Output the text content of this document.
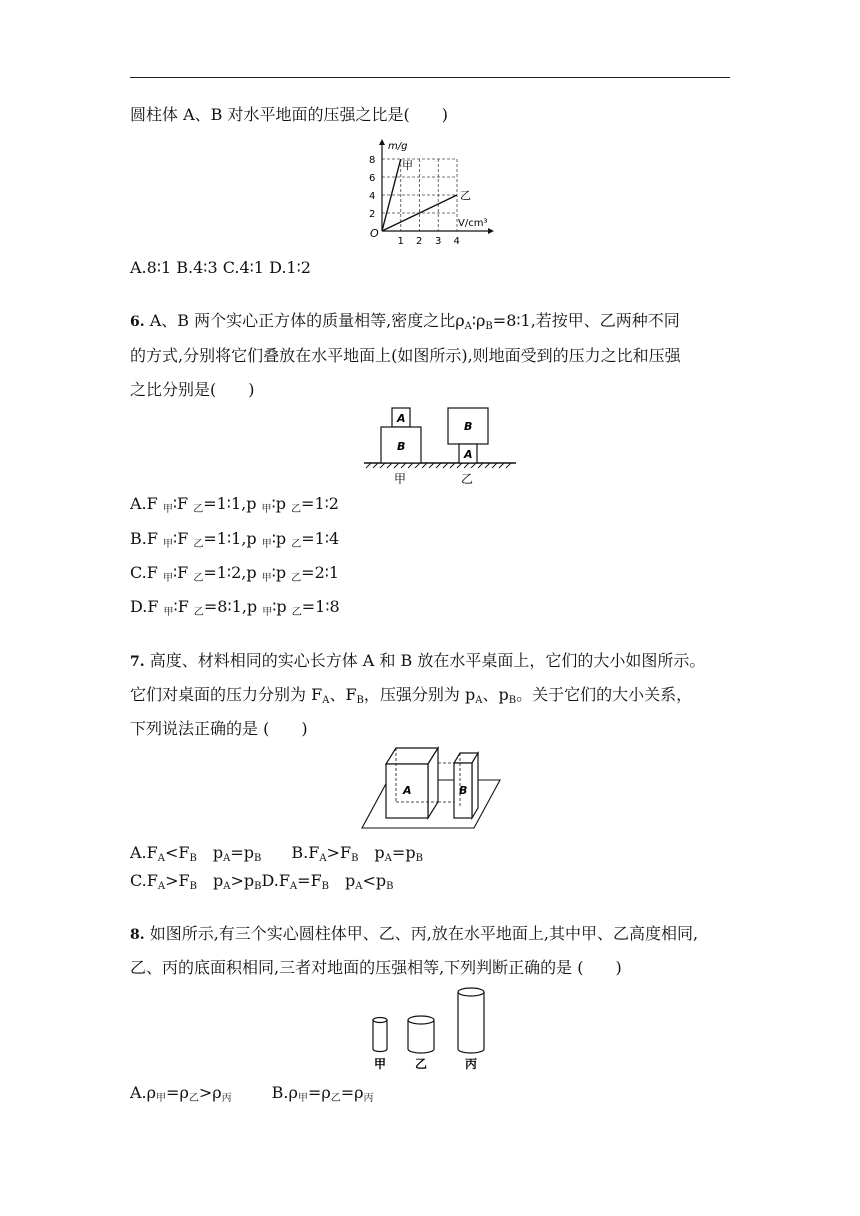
圆柱体 A、B 对水平地面的压强之比是(　　)
m/g
V/cm³
O
2
4
6
8
1 2 3 4
甲
乙
A.8∶1 B.4∶3 C.4∶1 D.1∶2
6. A、B 两个实心正方体的质量相等,密度之比$\rho_A∶\rho_B=8∶1$,若按甲、乙两种不同
的方式,分别将它们叠放在水平地面上(如图所示),则地面受到的压力之比和压强
之比分别是(　　)
A
B
B
A
甲	乙
A.F $_甲$∶F $_乙$=1∶1,p $_甲$∶p $_乙$=1∶2
B.F $_甲$∶F $_乙$=1∶1,p $_甲$∶p $_乙$=1∶4
C.F $_甲$∶F $_乙$=1∶2,p $_甲$∶p $_乙$=2∶1
D.F $_甲$∶F $_乙$=8∶1,p $_甲$∶p $_乙$=1∶8
7. 高度、材料相同的实心长方体 A 和 B 放在水平桌面上，它们的大小如图所示。
它们对桌面的压力分别为 $F_A$、$F_B$，压强分别为 $p_A$、$p_B$。关于它们的大小关系，
下列说法正确的是 (　　)
A	B
$A.F_A<F_B$　$p_A=p_B$ $B.F_A>F_B$　$p_A=p_B$
$C.F_A>F_B$　$p_A>p_BD.F_A=F_B$　$p_A<p_B$
8. 如图所示,有三个实心圆柱体甲、乙、丙,放在水平地面上,其中甲、乙高度相同,
乙、丙的底面积相同,三者对地面的压强相等,下列判断正确的是 (　　)
甲 乙	丙
$A.\rho_甲=\rho_乙>\rho_丙$	$B.\rho_甲=\rho_乙=\rho_丙$
